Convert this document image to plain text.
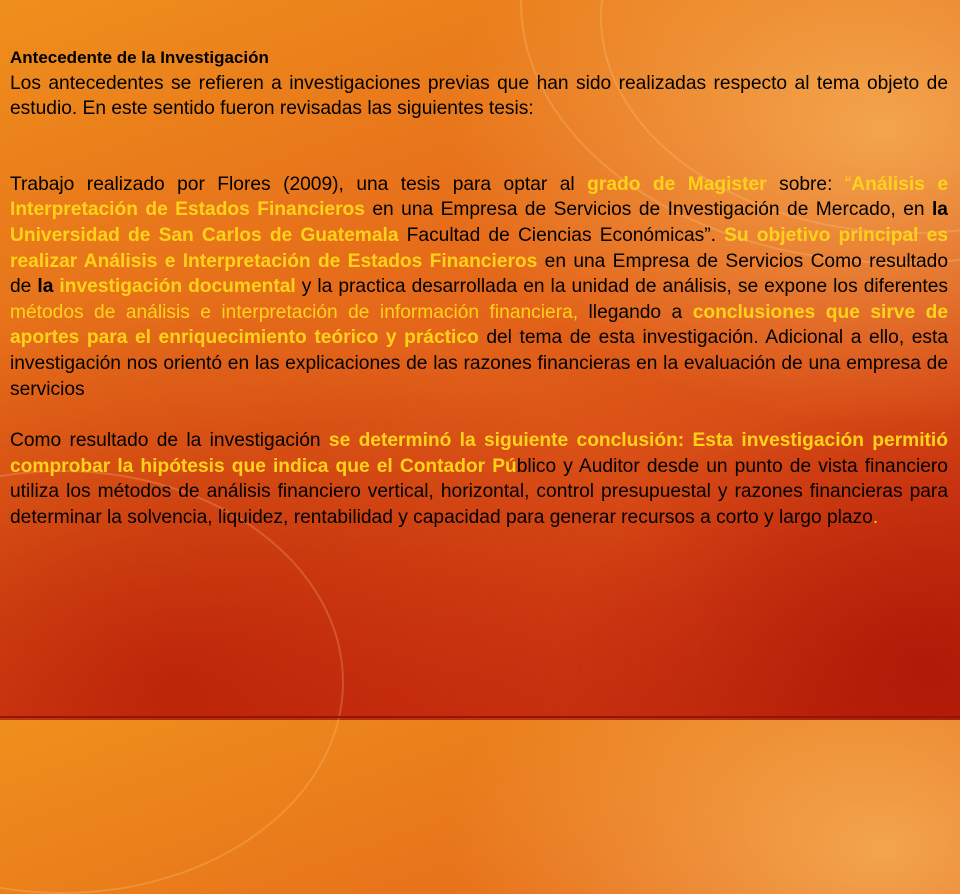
Antecedente de la Investigación

Los antecedentes se refieren a investigaciones previas que han sido realizadas respecto al tema objeto de estudio. En este sentido fueron revisadas las siguientes tesis:

Trabajo realizado por Flores (2009), una tesis para optar al grado de Magister sobre: “Análisis e Interpretación de Estados Financieros en una Empresa de Servicios de Investigación de Mercado, en la Universidad de San Carlos de Guatemala Facultad de Ciencias Económicas”. Su objetivo principal es realizar Análisis e Interpretación de Estados Financieros en una Empresa de Servicios Como resultado de la investigación documental y la practica desarrollada en la unidad de análisis, se expone los diferentes métodos de análisis e interpretación de información financiera, llegando a conclusiones que sirve de aportes para el enriquecimiento teórico y práctico del tema de esta investigación. Adicional a ello, esta investigación nos orientó en las explicaciones de las razones financieras en la evaluación de una empresa de servicios

Como resultado de la investigación se determinó la siguiente conclusión: Esta investigación permitió comprobar la hipótesis que indica que el Contador Público y Auditor desde un punto de vista financiero utiliza los métodos de análisis financiero vertical, horizontal, control presupuestal y razones financieras para determinar la solvencia, liquidez, rentabilidad y capacidad para generar recursos a corto y largo plazo.
